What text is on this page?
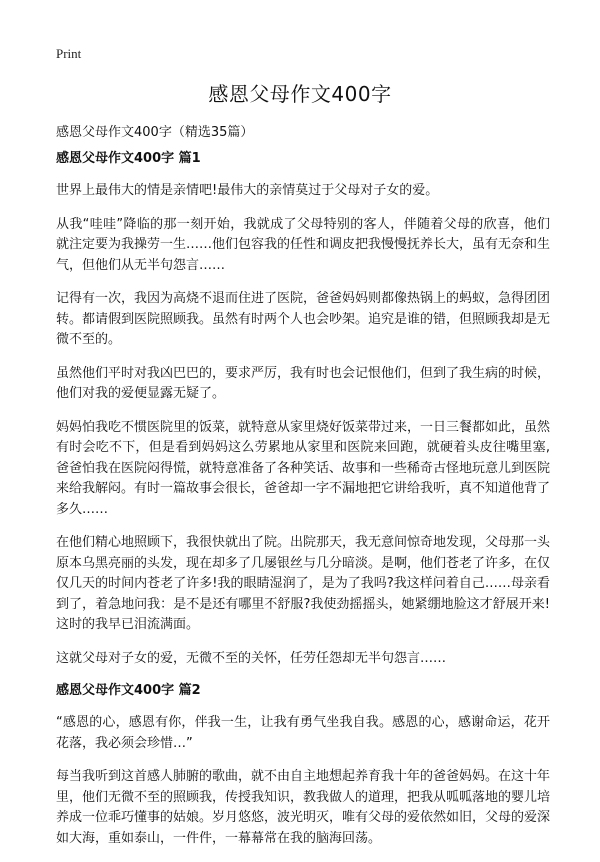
Print
感恩父母作文400字

感恩父母作文400字（精选35篇）

感恩父母作文400字 篇1

世界上最伟大的情是亲情吧!最伟大的亲情莫过于父母对子女的爱。

从我“哇哇”降临的那一刻开始，我就成了父母特别的客人，伴随着父母的欣喜，他们就注定要为我操劳一生……他们包容我的任性和调皮把我慢慢抚养长大，虽有无奈和生气，但他们从无半句怨言……

记得有一次，我因为高烧不退而住进了医院，爸爸妈妈则都像热锅上的蚂蚁，急得团团转。都请假到医院照顾我。虽然有时两个人也会吵架。追究是谁的错，但照顾我却是无微不至的。

虽然他们平时对我凶巴巴的，要求严厉，我有时也会记恨他们，但到了我生病的时候，他们对我的爱便显露无疑了。

妈妈怕我吃不惯医院里的饭菜，就特意从家里烧好饭菜带过来，一日三餐都如此，虽然有时会吃不下，但是看到妈妈这么劳累地从家里和医院来回跑，就硬着头皮往嘴里塞,爸爸怕我在医院闷得慌，就特意准备了各种笑话、故事和一些稀奇古怪地玩意儿到医院来给我解闷。有时一篇故事会很长，爸爸却一字不漏地把它讲给我听，真不知道他背了多久……

在他们精心地照顾下，我很快就出了院。出院那天，我无意间惊奇地发现，父母那一头原本乌黑亮丽的头发，现在却多了几屡银丝与几分暗淡。是啊，他们苍老了许多，在仅仅几天的时间内苍老了许多!我的眼睛湿润了，是为了我吗?我这样问着自己……母亲看到了，着急地问我：是不是还有哪里不舒服?我使劲摇摇头，她紧绷地脸这才舒展开来!这时的我早已泪流满面。

这就父母对子女的爱，无微不至的关怀，任劳任怨却无半句怨言……

感恩父母作文400字 篇2

“感恩的心，感恩有你，伴我一生，让我有勇气坐我自我。感恩的心，感谢命运，花开花落，我必须会珍惜…”

每当我听到这首感人肺腑的歌曲，就不由自主地想起养育我十年的爸爸妈妈。在这十年里，他们无微不至的照顾我，传授我知识，教我做人的道理，把我从呱呱落地的婴儿培养成一位乖巧懂事的姑娘。岁月悠悠，波光明灭，唯有父母的爱依然如旧，父母的爱深如大海，重如泰山，一件件，一幕幕常在我的脑海回荡。
